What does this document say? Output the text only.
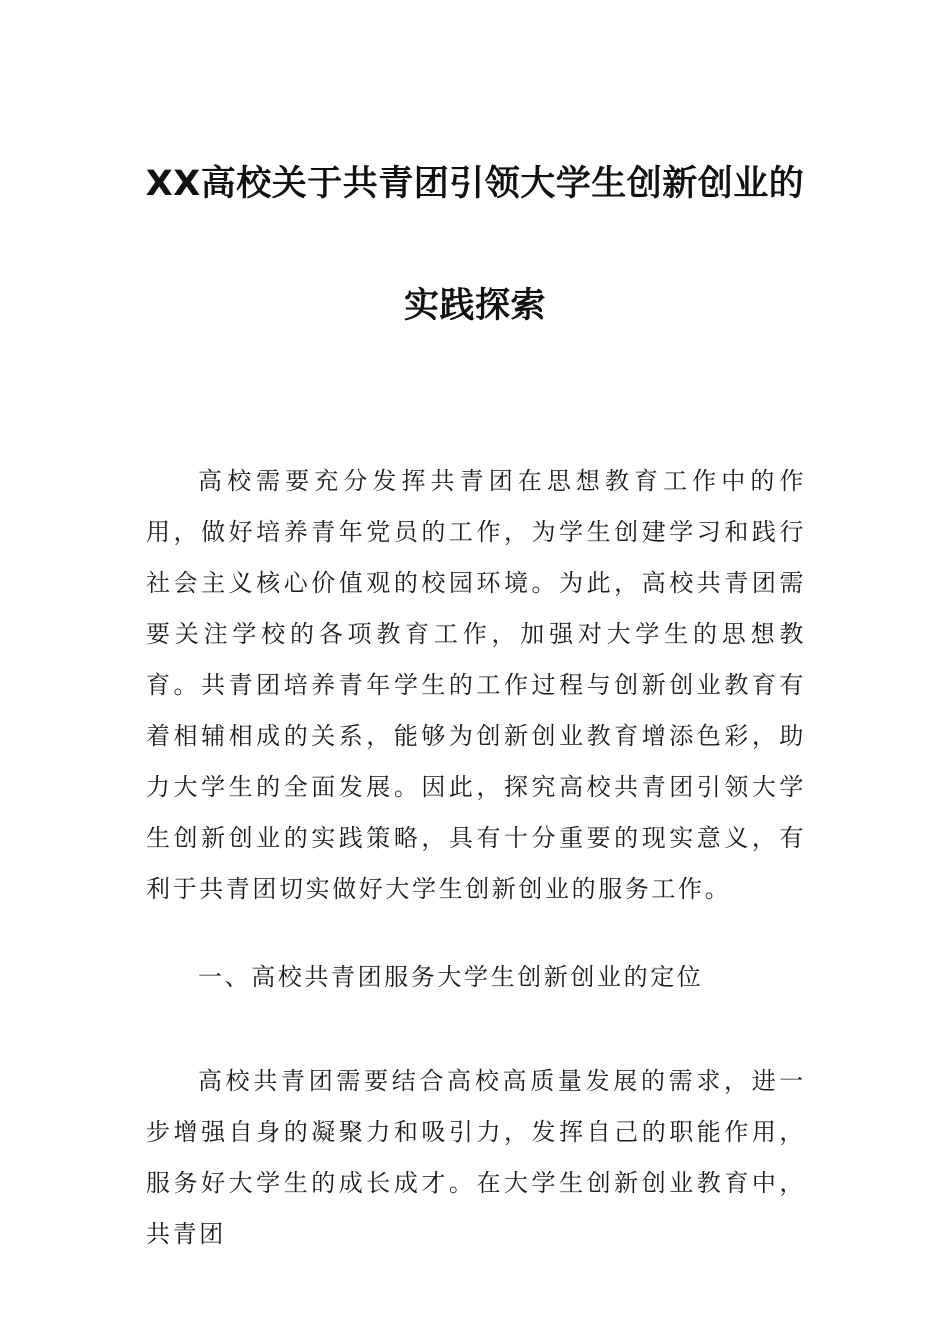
XX高校关于共青团引领大学生创新创业的
实践探索

高校需要充分发挥共青团在思想教育工作中的作用，做好培养青年党员的工作，为学生创建学习和践行社会主义核心价值观的校园环境。为此，高校共青团需要关注学校的各项教育工作，加强对大学生的思想教育。共青团培养青年学生的工作过程与创新创业教育有着相辅相成的关系，能够为创新创业教育增添色彩，助力大学生的全面发展。因此，探究高校共青团引领大学生创新创业的实践策略，具有十分重要的现实意义，有利于共青团切实做好大学生创新创业的服务工作。

一、高校共青团服务大学生创新创业的定位

高校共青团需要结合高校高质量发展的需求，进一步增强自身的凝聚力和吸引力，发挥自己的职能作用，服务好大学生的成长成才。在大学生创新创业教育中，共青团
